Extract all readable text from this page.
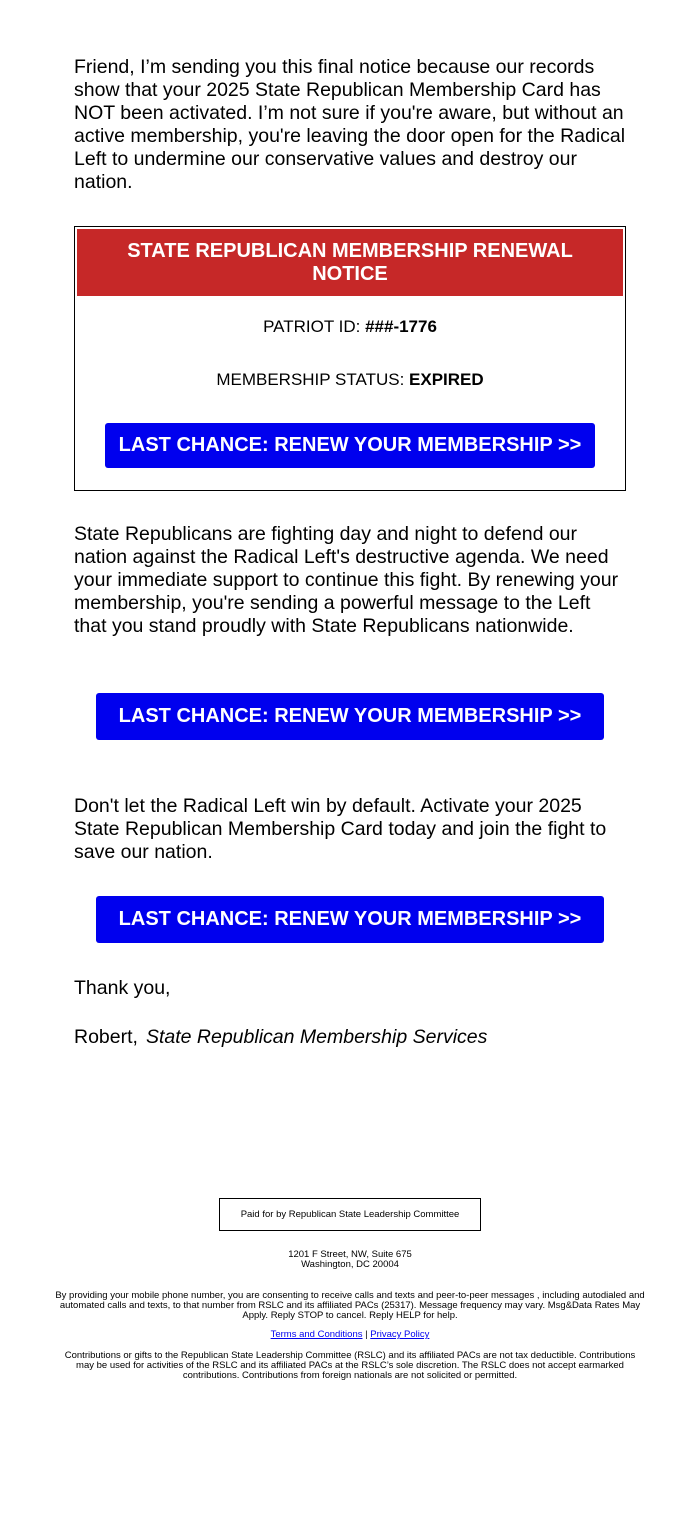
Friend, I’m sending you this final notice because our records show that your 2025 State Republican Membership Card has NOT been activated. I’m not sure if you're aware, but without an active membership, you're leaving the door open for the Radical Left to undermine our conservative values and destroy our nation.

STATE REPUBLICAN MEMBERSHIP RENEWAL NOTICE
PATRIOT ID: ###-1776
MEMBERSHIP STATUS: EXPIRED
LAST CHANCE: RENEW YOUR MEMBERSHIP >>

State Republicans are fighting day and night to defend our nation against the Radical Left's destructive agenda. We need your immediate support to continue this fight. By renewing your membership, you're sending a powerful message to the Left that you stand proudly with State Republicans nationwide.

LAST CHANCE: RENEW YOUR MEMBERSHIP >>

Don't let the Radical Left win by default. Activate your 2025 State Republican Membership Card today and join the fight to save our nation.

LAST CHANCE: RENEW YOUR MEMBERSHIP >>

Thank you,

Robert, State Republican Membership Services

Paid for by Republican State Leadership Committee
1201 F Street, NW, Suite 675
Washington, DC 20004
By providing your mobile phone number, you are consenting to receive calls and texts and peer-to-peer messages , including autodialed and automated calls and texts, to that number from RSLC and its affiliated PACs (25317). Message frequency may vary. Msg&Data Rates May Apply. Reply STOP to cancel. Reply HELP for help.
Terms and Conditions | Privacy Policy
Contributions or gifts to the Republican State Leadership Committee (RSLC) and its affiliated PACs are not tax deductible. Contributions may be used for activities of the RSLC and its affiliated PACs at the RSLC’s sole discretion. The RSLC does not accept earmarked contributions. Contributions from foreign nationals are not solicited or permitted.
